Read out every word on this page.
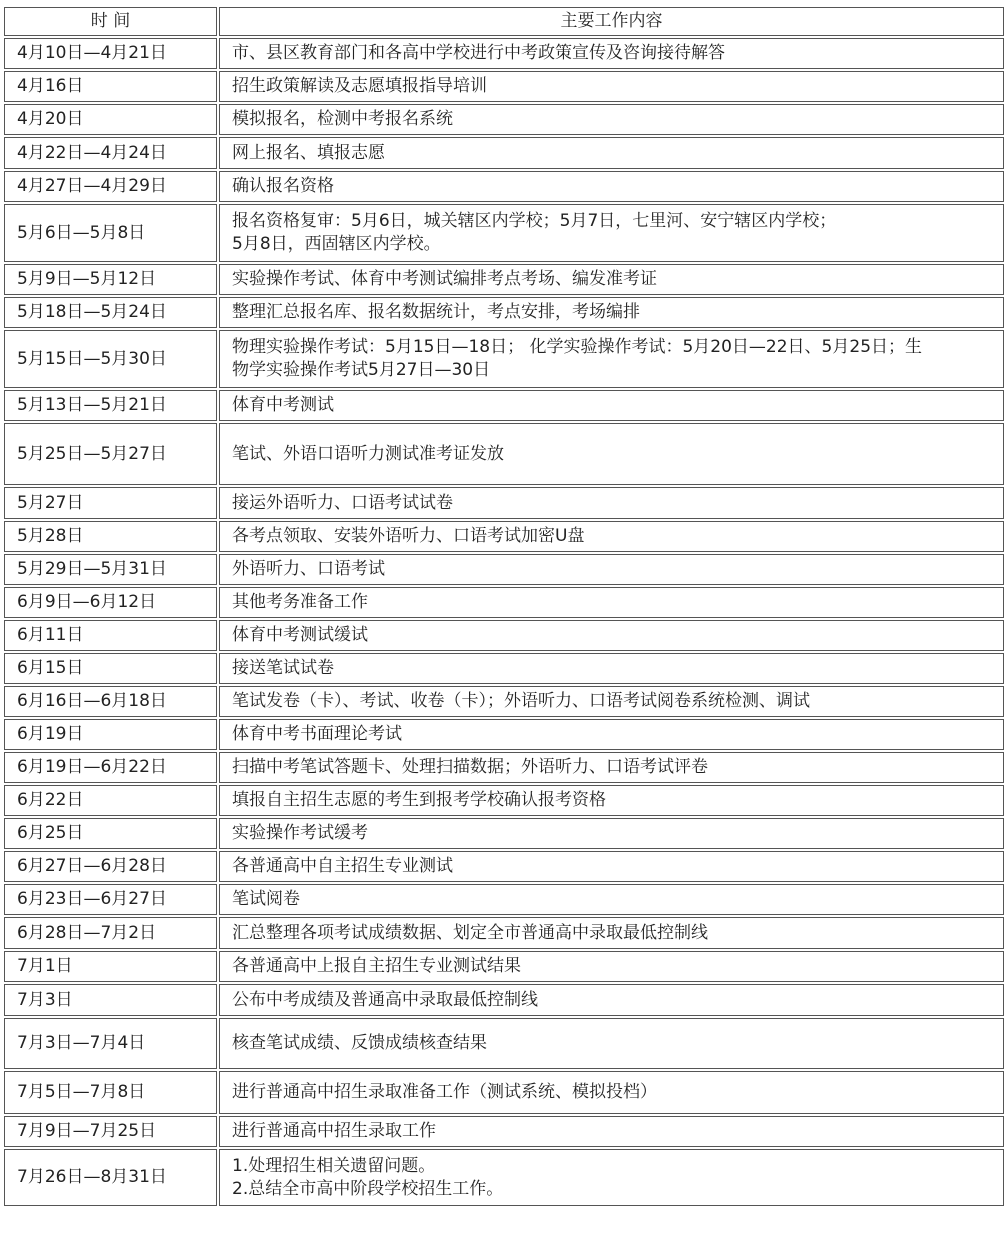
时 间	主要工作内容
4月10日—4月21日	市、县区教育部门和各高中学校进行中考政策宣传及咨询接待解答

4月16日	招生政策解读及志愿填报指导培训

4月20日	模拟报名，检测中考报名系统

4月22日—4月24日	网上报名、填报志愿

4月27日—4月29日	确认报名资格

5月6日—5月8日	报名资格复审：5月6日，城关辖区内学校；5月7日，七里河、安宁辖区内学校；
5月8日，西固辖区内学校。

5月9日—5月12日	实验操作考试、体育中考测试编排考点考场、编发准考证

5月18日—5月24日	整理汇总报名库、报名数据统计，考点安排，考场编排

5月15日—5月30日	物理实验操作考试：5月15日—18日； 化学实验操作考试：5月20日—22日、5月25日；生
物学实验操作考试5月27日—30日

5月13日—5月21日	体育中考测试

5月25日—5月27日	笔试、外语口语听力测试准考证发放

5月27日	接运外语听力、口语考试试卷

5月28日	各考点领取、安装外语听力、口语考试加密U盘

5月29日—5月31日	外语听力、口语考试

6月9日—6月12日	其他考务准备工作

6月11日	体育中考测试缓试

6月15日	接送笔试试卷

6月16日—6月18日	笔试发卷（卡）、考试、收卷（卡）；外语听力、口语考试阅卷系统检测、调试

6月19日	体育中考书面理论考试

6月19日—6月22日	扫描中考笔试答题卡、处理扫描数据；外语听力、口语考试评卷

6月22日	填报自主招生志愿的考生到报考学校确认报考资格

6月25日	实验操作考试缓考

6月27日—6月28日	各普通高中自主招生专业测试

6月23日—6月27日	笔试阅卷

6月28日—7月2日	汇总整理各项考试成绩数据、划定全市普通高中录取最低控制线

7月1日	各普通高中上报自主招生专业测试结果

7月3日	公布中考成绩及普通高中录取最低控制线

7月3日—7月4日	核查笔试成绩、反馈成绩核查结果

7月5日—7月8日	进行普通高中招生录取准备工作（测试系统、模拟投档）

7月9日—7月25日	进行普通高中招生录取工作

7月26日—8月31日	1.处理招生相关遗留问题。
2.总结全市高中阶段学校招生工作。
